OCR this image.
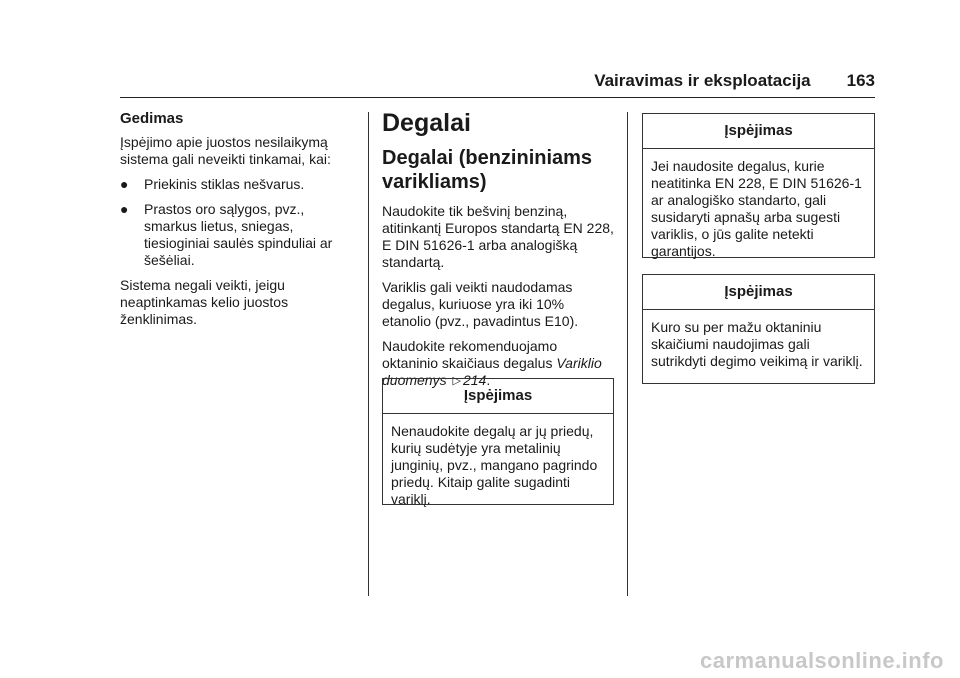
Vairavimas ir eksploatacija 163
Gedimas

Įspėjimo apie juostos nesilaikymą sistema gali neveikti tinkamai, kai:

●	Priekinis stiklas nešvarus.
●	Prastos oro sąlygos, pvz., smarkus lietus, sniegas, tiesioginiai saulės spinduliai ar šešėliai.

Sistema negali veikti, jeigu neaptinkamas kelio juostos ženklinimas.

Degalai
Degalai (benzininiams varikliams)

Naudokite tik bešvinį benziną, atitinkantį Europos standartą EN 228, E DIN 51626-1 arba analogišką standartą.

Variklis gali veikti naudodamas degalus, kuriuose yra iki 10% etanolio (pvz., pavadintus E10).

Naudokite rekomenduojamo oktaninio skaičiaus degalus Variklio duomenys ▷ 214.

Įspėjimas
Nenaudokite degalų ar jų priedų, kurių sudėtyje yra metalinių junginių, pvz., mangano pagrindo priedų. Kitaip galite sugadinti variklį.
Įspėjimas
Jei naudosite degalus, kurie neatitinka EN 228, E DIN 51626-1 ar analogiško standarto, gali susidaryti apnašų arba sugesti variklis, o jūs galite netekti garantijos.
Įspėjimas
Kuro su per mažu oktaniniu skaičiumi naudojimas gali sutrikdyti degimo veikimą ir variklį.
carmanualsonline.info
